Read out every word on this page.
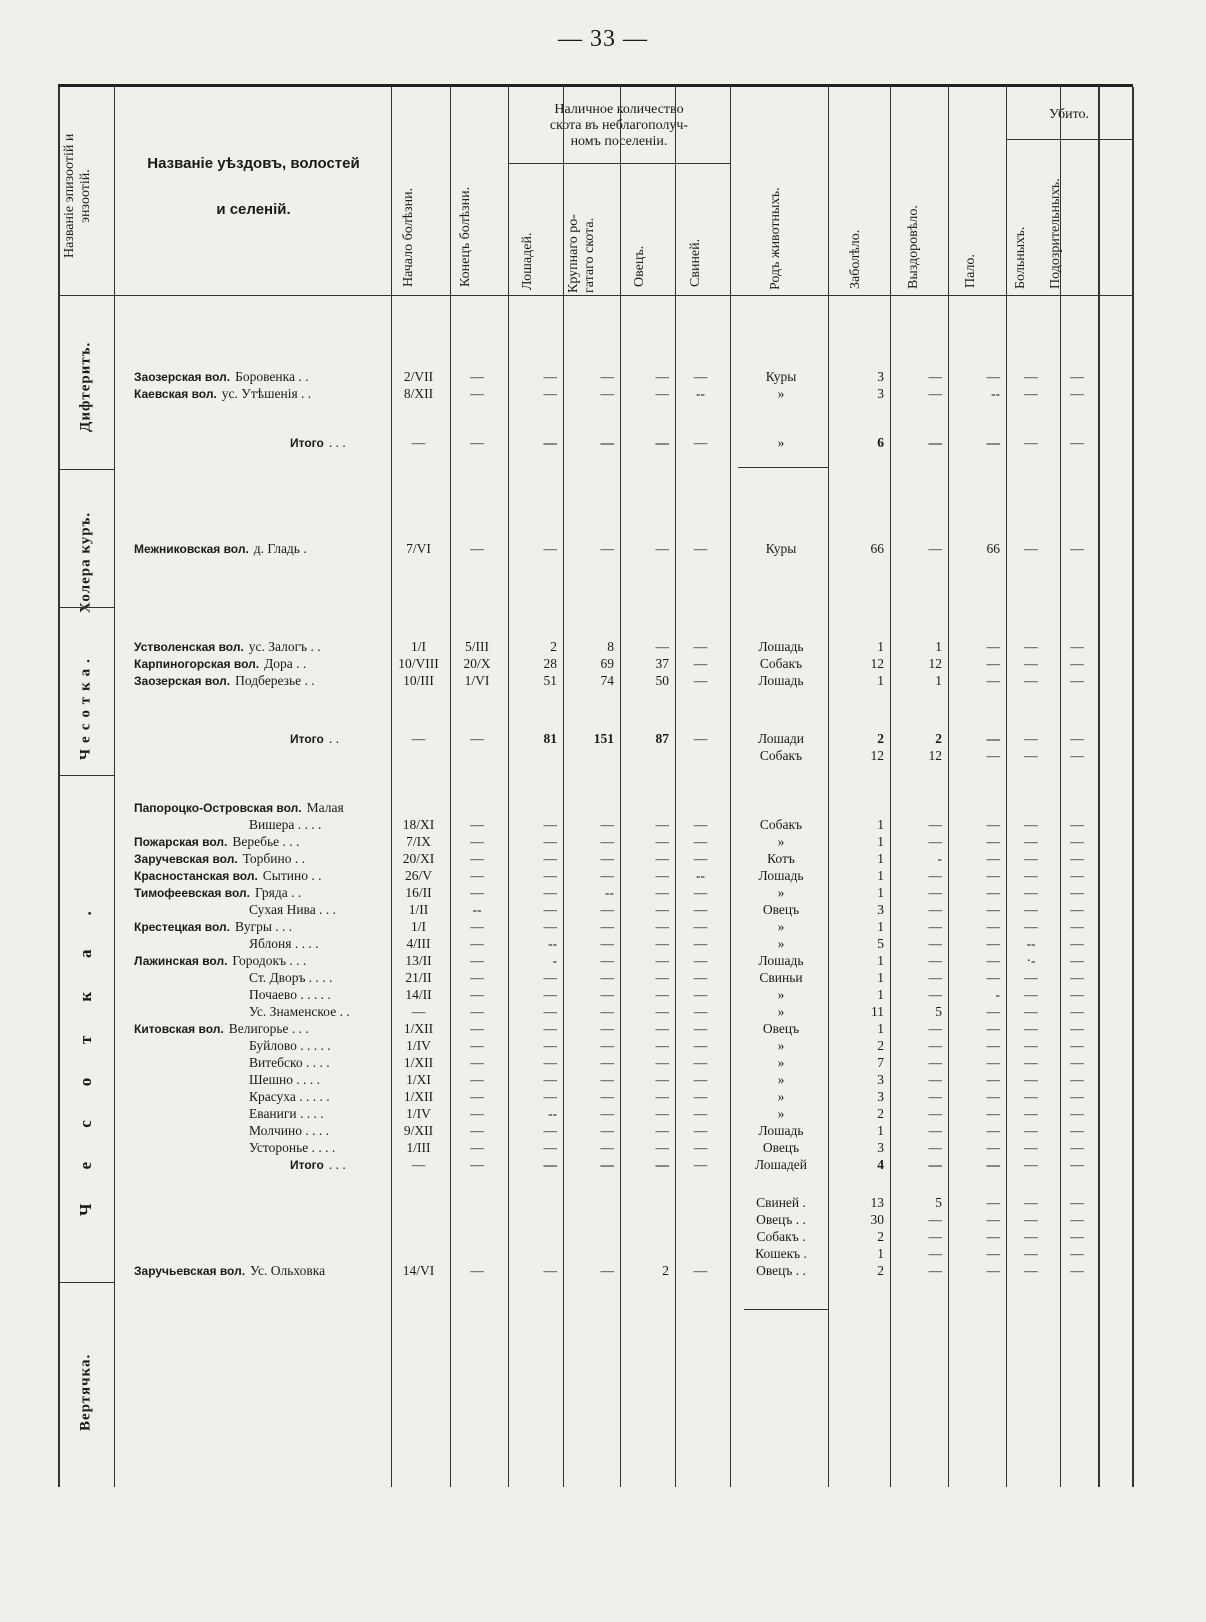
— 33 —
Названіе эпизоотій и
энзоотій.
Названіе уѣздовъ, волостей
и селеній.	Начало болѣзни.	Конецъ болѣзни.
Наличное количество
скота въ неблагополуч-
номъ поселеніи.
Лошадей.	Крупнаго ро-
гатаго скота.
Овецъ.	Свиней.	Родъ животныхъ.	Заболѣло.	Выздоровѣло.	Пало.
Убито.
Больныхъ.	Подозрительныхъ.
Дифтеритъ.
Холера куръ.
Чесотка.
Чесотка.
Вертячка.
Заозерская вол. Боровенка . .	2/VII	—	—	—	—	—	Куры	3	—	—	—	—
Каевская вол. ус. Утѣшенія . .	8/XII	—	—	—	—	--	»	3	—	--	—	—
Итого . . .	—	—	—	—	—	—	»	6	—	—	—	—
Межниковская вол. д. Гладь .	7/VI	—	—	—	—	—	Куры	66	—	66	—	—
Устволенская вол. ус. Залогъ . .	1/I	5/III	2	8	—	—	Лошадь	1	1	—	—	—
Карпиногорская вол. Дора . .	10/VIII	20/X	28	69	37	—	Собакъ	12	12	—	—	—
Заозерская вол. Подберезье . .	10/III	1/VI	51	74	50	—	Лошадь	1	1	—	—	—
Итого . .	—	—	81	151	87	—	Лошади	2	2	—	—	—
Собакъ	12	12	—	—	—
Папороцко-Островская вол. Малая
Вишера . . . .	18/XI	—	—	—	—	—	Собакъ	1	—	—	—	—
Пожарская вол. Веребье . . .	7/IX	—	—	—	—	—	»	1	—	—	—	—
Заручевская вол. Торбино . .	20/XI	—	—	—	—	—	Котъ	1	-	—	—	—
Красностанская вол. Сытино . .	26/V	—	—	—	—	--	Лошадь	1	—	—	—	—
Тимофеевская вол. Гряда . .	16/II	—	—	--	—	—	»	1	—	—	—	—
Сухая Нива . . .	1/II	--	—	—	—	—	Овецъ	3	—	—	—	—
Крестецкая вол. Вугры . . .	1/I	—	—	—	—	—	»	1	—	—	—	—
Яблоня . . . .	4/III	—	--	—	—	—	»	5	—	—	--	—
Лажинская вол. Городокъ . . .	13/II	—	-	—	—	—	Лошадь	1	—	—	·-	—
Ст. Дворъ . . . .	21/II	—	—	—	—	—	Свиньи	1	—	—	—	—
Почаево . . . . .	14/II	—	—	—	—	—	»	1	—	-	—	—
Ус. Знаменское . .	—	—	—	—	—	—	»	11	5	—	—	—
Китовская вол. Велигорье . . .	1/XII	—	—	—	—	—	Овецъ	1	—	—	—	—
Буйлово . . . . .	1/IV	—	—	—	—	—	»	2	—	—	—	—
Витебско . . . .	1/XII	—	—	—	—	—	»	7	—	—	—	—
Шешно . . . .	1/XI	—	—	—	—	—	»	3	—	—	—	—
Красуха . . . . .	1/XII	—	—	—	—	—	»	3	—	—	—	—
Еваниги . . . .	1/IV	—	--	—	—	—	»	2	—	—	—	—
Молчино . . . .	9/XII	—	—	—	—	—	Лошадь	1	—	—	—	—
Устоpонье . . . .	1/III	—	—	—	—	—	Овецъ	3	—	—	—	—
Итого . . .	—	—	—	—	—	—	Лошадей	4	—	—	—	—
Свиней .	13	5	—	—	—
Овецъ . .	30	—	—	—	—
Собакъ .	2	—	—	—	—
Кошекъ .	1	—	—	—	—
Заручьевская вол. Ус. Ольховка	14/VI	—	—	—	2	—	Овецъ . .	2	—	—	—	—
